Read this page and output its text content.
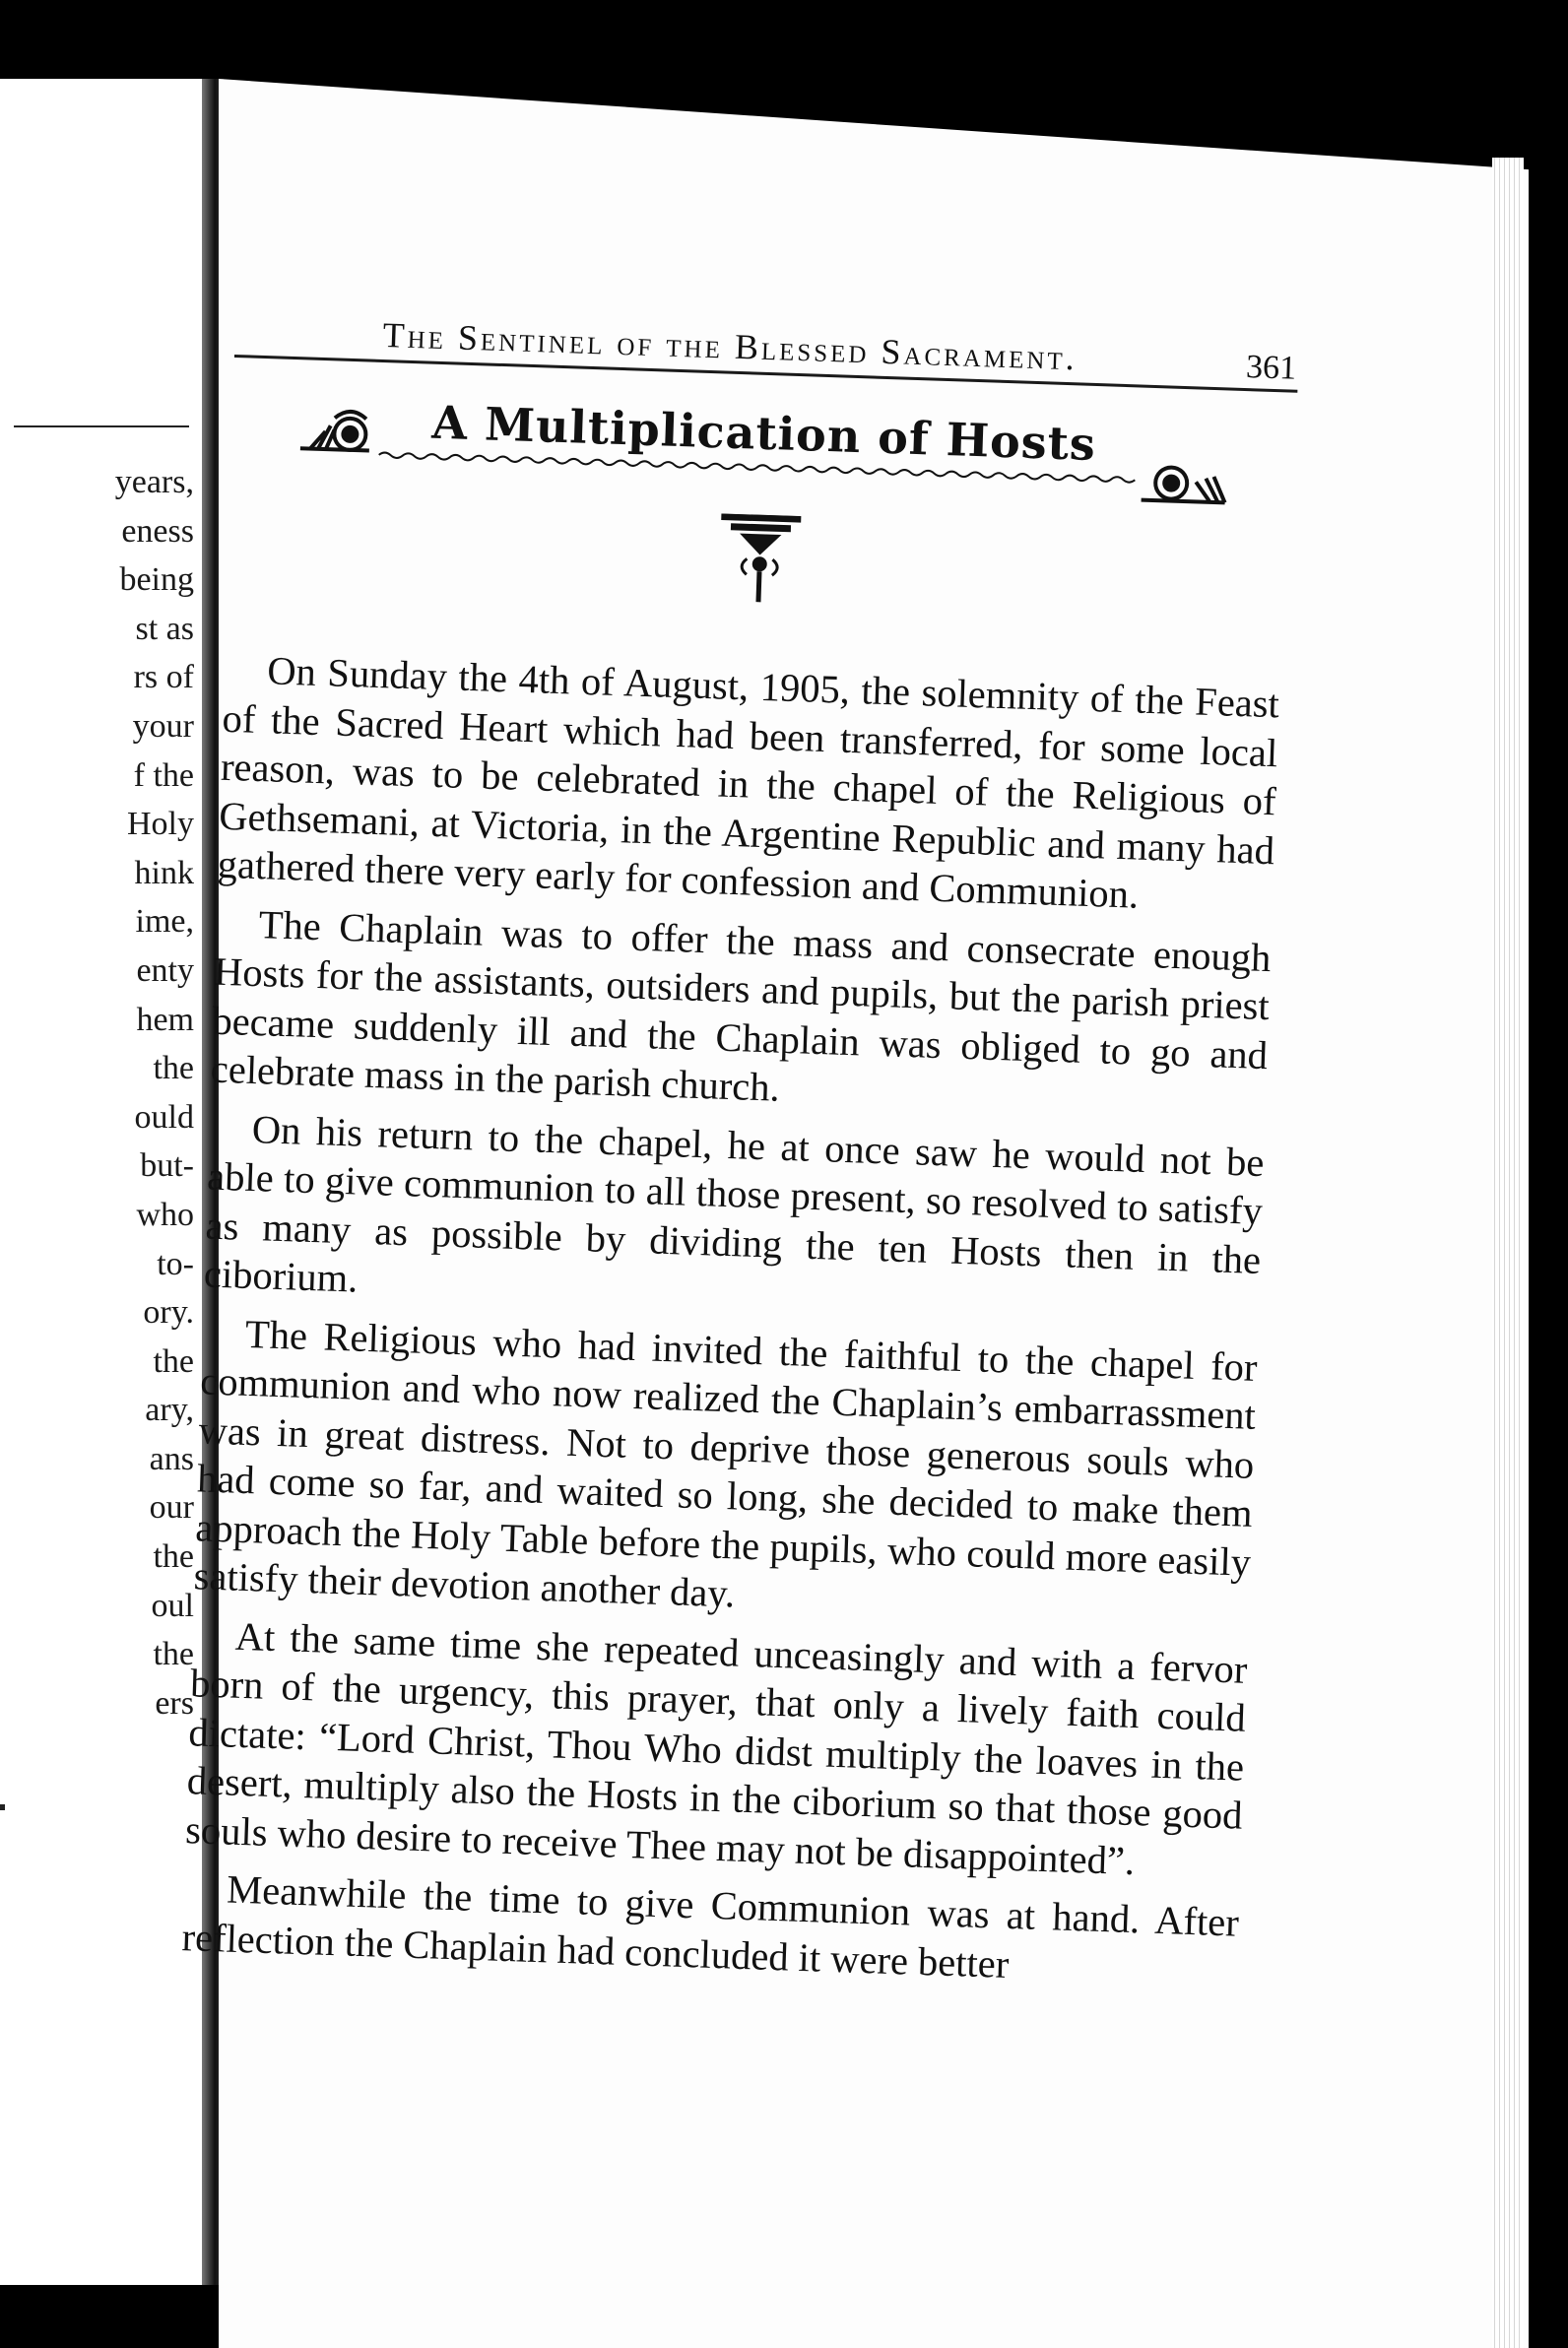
years,
eness
being
st as
rs of
your
f the
Holy
hink
ime,
enty
hem
the
ould
but-
who
to-
ory.
the
ary,
ans
our
the
oul
the
ers
The Sentinel of the Blessed Sacrament.	361
A Multiplication of Hosts

On Sunday the 4th of August, 1905, the solemnity of the Feast of the Sacred Heart which had been transferred, for some local reason, was to be celebrated in the chapel of the Religious of Gethsemani, at Victoria, in the Argentine Republic and many had gathered there very early for confession and Communion.

The Chaplain was to offer the mass and consecrate enough Hosts for the assistants, outsiders and pupils, but the parish priest became suddenly ill and the Chaplain was obliged to go and celebrate mass in the parish church.

On his return to the chapel, he at once saw he would not be able to give communion to all those present, so resolved to satisfy as many as possible by dividing the ten Hosts then in the ciborium.

The Religious who had invited the faithful to the chapel for communion and who now realized the Chaplain’s embarrassment was in great distress. Not to deprive those generous souls who had come so far, and waited so long, she decided to make them approach the Holy Table before the pupils, who could more easily satisfy their devotion another day.

At the same time she repeated unceasingly and with a fervor born of the urgency, this prayer, that only a lively faith could dictate: “Lord Christ, Thou Who didst multiply the loaves in the desert, multiply also the Hosts in the ciborium so that those good souls who desire to receive Thee may not be disappointed”.

Meanwhile the time to give Communion was at hand. After reflection the Chaplain had concluded it were better
